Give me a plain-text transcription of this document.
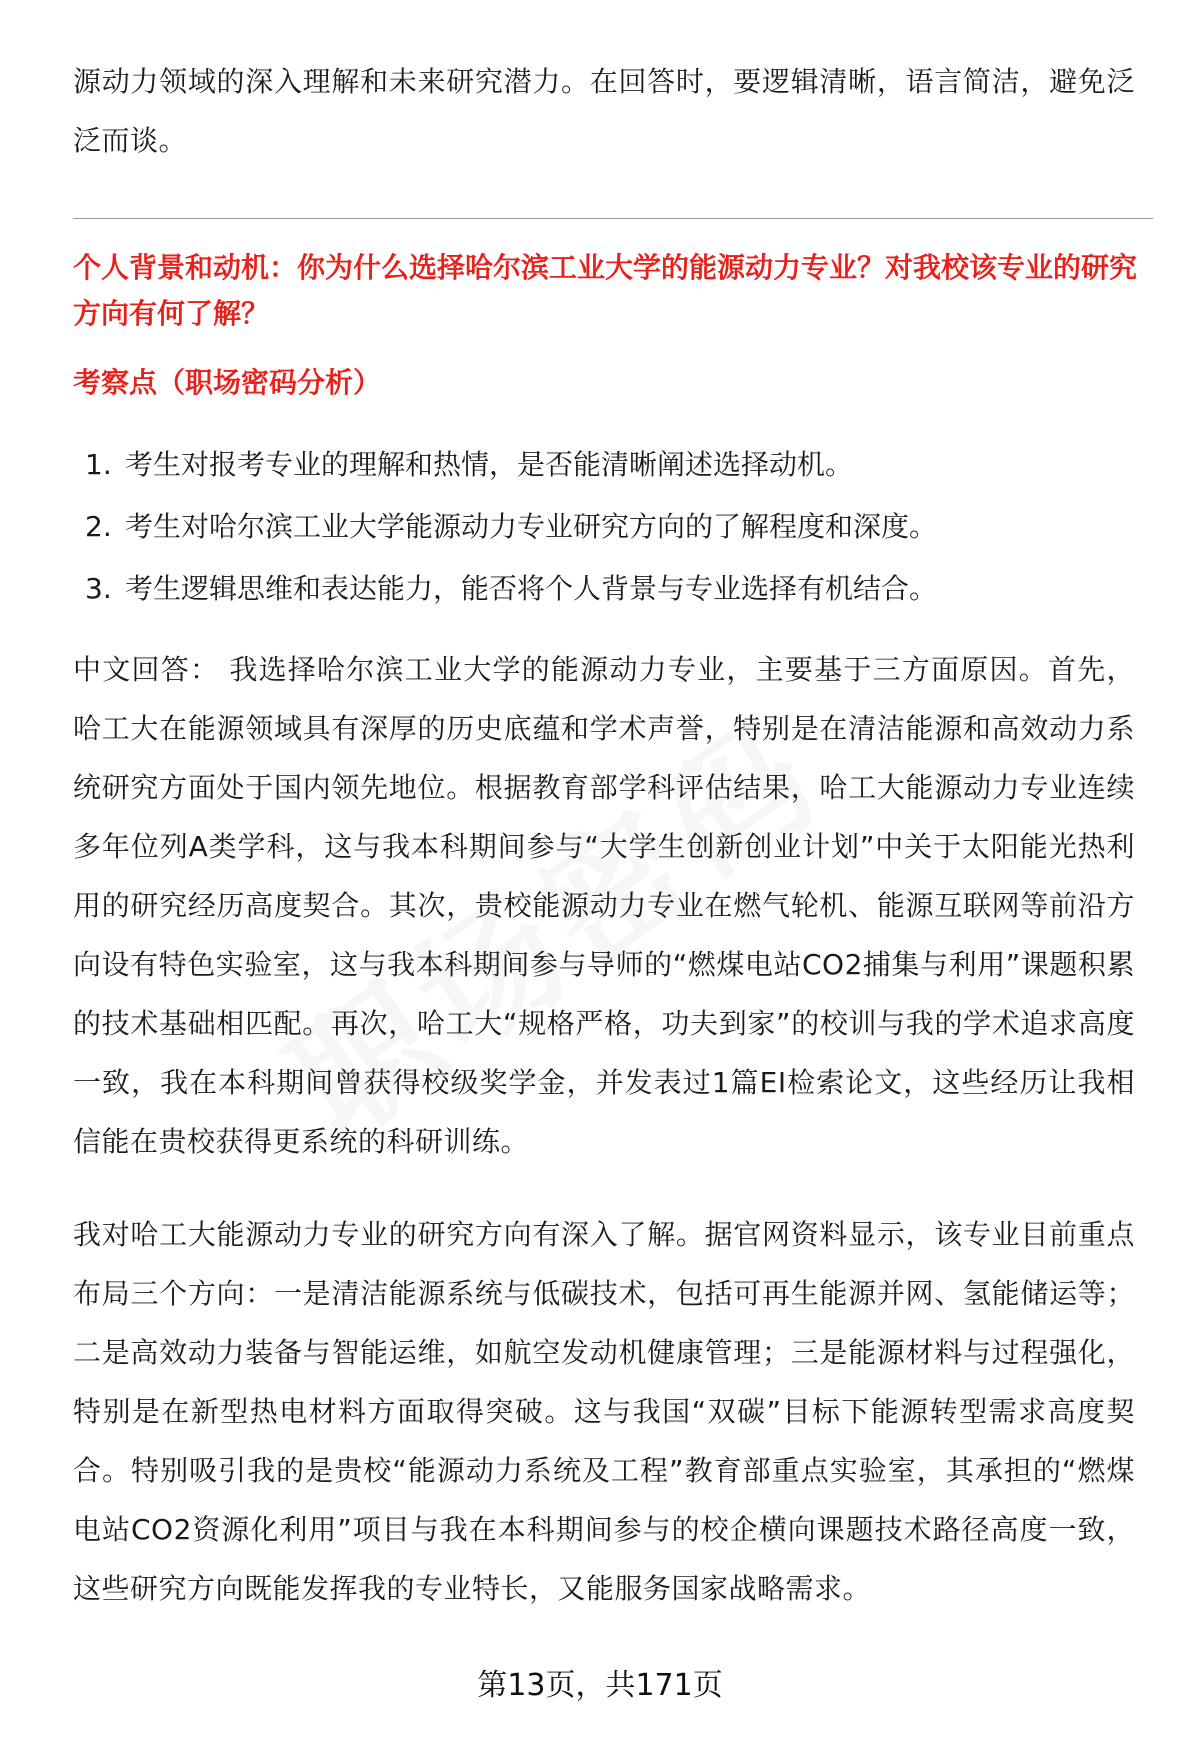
源动力领域的深入理解和未来研究潜力。在回答时，要逻辑清晰，语言简洁，避免泛泛而谈。

个人背景和动机：你为什么选择哈尔滨工业大学的能源动力专业？对我校该专业的研究方向有何了解？

考察点（职场密码分析）

1. 考生对报考专业的理解和热情，是否能清晰阐述选择动机。
2. 考生对哈尔滨工业大学能源动力专业研究方向的了解程度和深度。
3. 考生逻辑思维和表达能力，能否将个人背景与专业选择有机结合。

中文回答： 我选择哈尔滨工业大学的能源动力专业，主要基于三方面原因。首先，哈工大在能源领域具有深厚的历史底蕴和学术声誉，特别是在清洁能源和高效动力系统研究方面处于国内领先地位。根据教育部学科评估结果，哈工大能源动力专业连续多年位列A类学科，这与我本科期间参与“大学生创新创业计划”中关于太阳能光热利用的研究经历高度契合。其次，贵校能源动力专业在燃气轮机、能源互联网等前沿方向设有特色实验室，这与我本科期间参与导师的“燃煤电站CO2捕集与利用”课题积累的技术基础相匹配。再次，哈工大“规格严格，功夫到家”的校训与我的学术追求高度一致，我在本科期间曾获得校级奖学金，并发表过1篇EI检索论文，这些经历让我相信能在贵校获得更系统的科研训练。

我对哈工大能源动力专业的研究方向有深入了解。据官网资料显示，该专业目前重点布局三个方向：一是清洁能源系统与低碳技术，包括可再生能源并网、氢能储运等；二是高效动力装备与智能运维，如航空发动机健康管理；三是能源材料与过程强化，特别是在新型热电材料方面取得突破。这与我国“双碳”目标下能源转型需求高度契合。特别吸引我的是贵校“能源动力系统及工程”教育部重点实验室，其承担的“燃煤电站CO2资源化利用”项目与我在本科期间参与的校企横向课题技术路径高度一致，这些研究方向既能发挥我的专业特长，又能服务国家战略需求。

第13页，共171页
